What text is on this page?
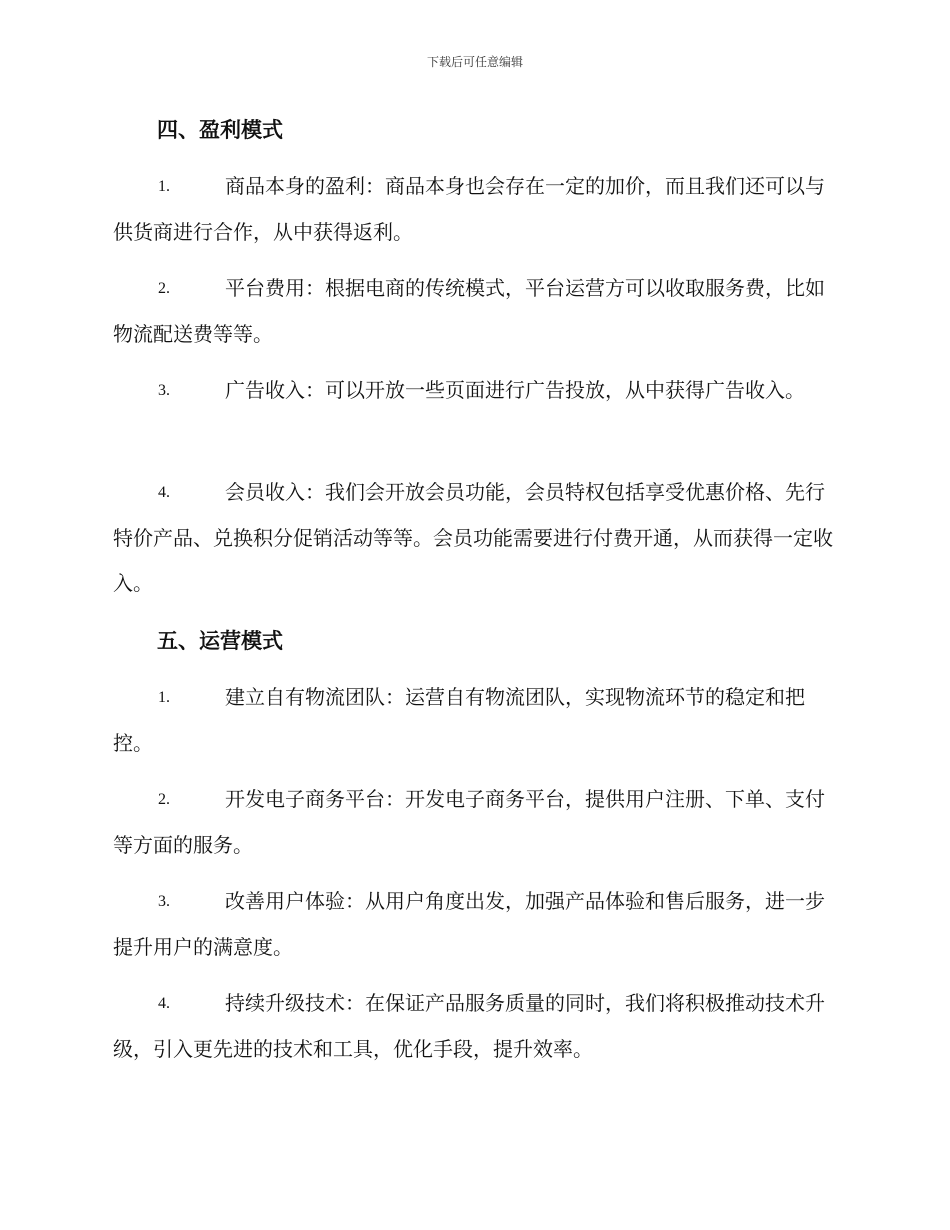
下载后可任意编辑
四、盈利模式
1.	商品本身的盈利：商品本身也会存在一定的加价，而且我们还可以与供货商进行合作，从中获得返利。
2.	平台费用：根据电商的传统模式，平台运营方可以收取服务费，比如物流配送费等等。
3.	广告收入：可以开放一些页面进行广告投放，从中获得广告收入。
4.	会员收入：我们会开放会员功能，会员特权包括享受优惠价格、先行特价产品、兑换积分促销活动等等。会员功能需要进行付费开通，从而获得一定收入。
五、运营模式
1.	建立自有物流团队：运营自有物流团队，实现物流环节的稳定和把控。
2.	开发电子商务平台：开发电子商务平台，提供用户注册、下单、支付等方面的服务。
3.	改善用户体验：从用户角度出发，加强产品体验和售后服务，进一步提升用户的满意度。
4.	持续升级技术：在保证产品服务质量的同时，我们将积极推动技术升级，引入更先进的技术和工具，优化手段，提升效率。
